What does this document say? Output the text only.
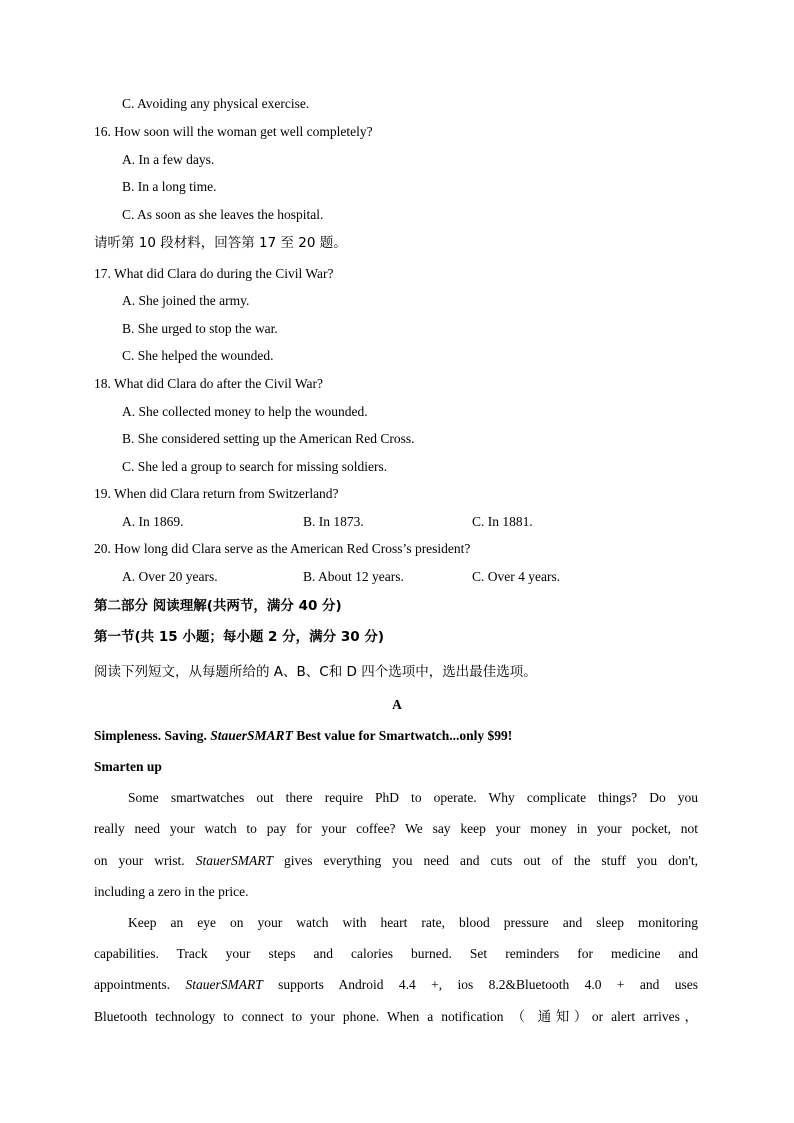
C. Avoiding any physical exercise.
16. How soon will the woman get well completely?
A. In a few days.
B. In a long time.
C. As soon as she leaves the hospital.
请听第 10 段材料，回答第 17 至 20 题。
17. What did Clara do during the Civil War?
A. She joined the army.
B. She urged to stop the war.
C. She helped the wounded.
18. What did Clara do after the Civil War?
A. She collected money to help the wounded.
B. She considered setting up the American Red Cross.
C. She led a group to search for missing soldiers.
19. When did Clara return from Switzerland?
A. In 1869.	B. In 1873.	C. In 1881.
20. How long did Clara serve as the American Red Cross’s president?
A. Over 20 years.	B. About 12 years.	C. Over 4 years.
第二部分 阅读理解(共两节，满分 40 分)
第一节(共 15 小题；每小题 2 分，满分 30 分)
阅读下列短文，从每题所给的 A、B、C和 D 四个选项中，选出最佳选项。
A
Simpleness. Saving. StauerSMART Best value for Smartwatch...only $99!
Smarten up
Some smartwatches out there require PhD to operate. Why complicate things? Do you
really need your watch to pay for your coffee? We say keep your money in your pocket, not
on your wrist. StauerSMART gives everything you need and cuts out of the stuff you don't,
including a zero in the price.
Keep an eye on your watch with heart rate, blood pressure and sleep monitoring
capabilities. Track your steps and calories burned. Set reminders for medicine and
appointments. StauerSMART supports Android 4.4 +, ios 8.2&Bluetooth 4.0 + and uses
Bluetooth technology to connect to your phone. When a notification （ 通知）or alert arrives，
